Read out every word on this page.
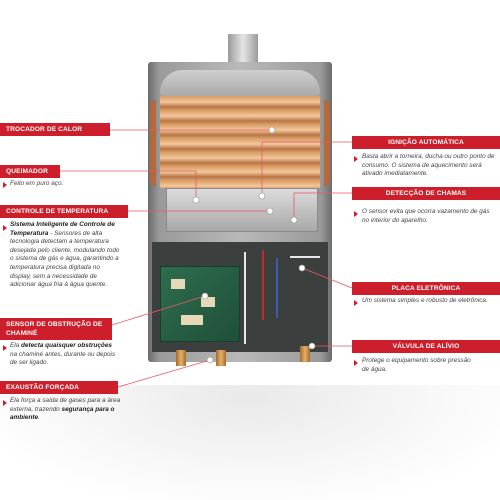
TROCADOR DE CALOR
QUEIMADOR
Feito em puro aço.
CONTROLE DE TEMPERATURA
Sistema Inteligente de Controle de Temperatura - Sensores de alta tecnologia detectam a temperatura desejada pelo cliente, modulando todo o sistema de gás e água, garantindo a temperatura precisa digitada no display, sem a necessidade de adicionar água fria à água quente.
SENSOR DE OBSTRUÇÃO DE CHAMINÉ
Ela detecta quaisquer obstruções na chaminé antes, durante ou depois de ser ligado.
EXAUSTÃO FORÇADA
Ela força a saída de gases para a área externa, trazendo segurança para o ambiente.
IGNIÇÃO AUTOMÁTICA
Basta abrir a torneira, ducha ou outro ponto de consumo. O sistema de aquecimento será ativado imediatamente.
DETECÇÃO DE CHAMAS
O sensor evita que ocorra vazamento de gás no interior do aparelho.
PLACA ELETRÔNICA
Um sistema simples e robusto de eletrônica.
VÁLVULA DE ALÍVIO
Protege o equipamento sobre pressão de água.
